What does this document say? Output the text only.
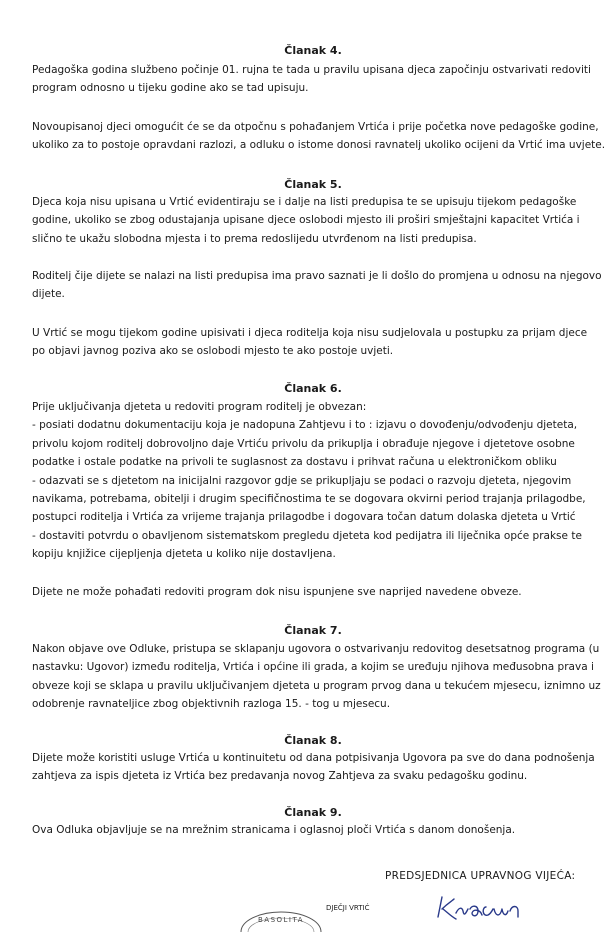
Članak 4.
Pedagoška godina službeno počinje 01. rujna te tada u pravilu upisana djeca započinju ostvarivati redoviti
program odnosno u tijeku godine ako se tad upisuju.
Novoupisanoj djeci omogućit će se da otpočnu s pohađanjem Vrtića i prije početka nove pedagoške godine,
ukoliko za to postoje opravdani razlozi, a odluku o istome donosi ravnatelj ukoliko ocijeni da Vrtić ima uvjete.
Članak 5.
Djeca koja nisu upisana u Vrtić evidentiraju se i dalje na listi predupisa te se upisuju tijekom pedagoške
godine, ukoliko se zbog odustajanja upisane djece oslobodi mjesto ili proširi smještajni kapacitet Vrtića i
slično te ukažu slobodna mjesta i to prema redoslijedu utvrđenom na listi predupisa.
Roditelj čije dijete se nalazi na listi predupisa ima pravo saznati je li došlo do promjena u odnosu na njegovo
dijete.
U Vrtić se mogu tijekom godine upisivati i djeca roditelja koja nisu sudjelovala u postupku za prijam djece
po objavi javnog poziva ako se oslobodi mjesto te ako postoje uvjeti.
Članak 6.
Prije uključivanja djeteta u redoviti program roditelj je obvezan:
- posiati dodatnu dokumentaciju koja je nadopuna Zahtjevu i to : izjavu o dovođenju/odvođenju djeteta,
privolu kojom roditelj dobrovoljno daje Vrtiću privolu da prikuplja i obrađuje njegove i djetetove osobne
podatke i ostale podatke na privoli te suglasnost za dostavu i prihvat računa u elektroničkom obliku
- odazvati se s djetetom na inicijalni razgovor gdje se prikupljaju se podaci o razvoju djeteta, njegovim
navikama, potrebama, obitelji i drugim specifičnostima te se dogovara okvirni period trajanja prilagodbe,
postupci roditelja i Vrtića za vrijeme trajanja prilagodbe i dogovara točan datum dolaska djeteta u Vrtić
- dostaviti potvrdu o obavljenom sistematskom pregledu djeteta kod pedijatra ili liječnika opće prakse te
kopiju knjižice cijepljenja djeteta u koliko nije dostavljena.
Dijete ne može pohađati redoviti program dok nisu ispunjene sve naprijed navedene obveze.
Članak 7.
Nakon objave ove Odluke, pristupa se sklapanju ugovora o ostvarivanju redovitog desetsatnog programa (u
nastavku: Ugovor) između roditelja, Vrtića i općine ili grada, a kojim se uređuju njihova međusobna prava i
obveze koji se sklapa u pravilu uključivanjem djeteta u program prvog dana u tekućem mjesecu, iznimno uz
odobrenje ravnateljice zbog objektivnih razloga 15. - tog u mjesecu.
Članak 8.
Dijete može koristiti usluge Vrtića u kontinuitetu od dana potpisivanja Ugovora pa sve do dana podnošenja
zahtjeva za ispis djeteta iz Vrtića bez predavanja novog Zahtjeva za svaku pedagošku godinu.
Članak 9.
Ova Odluka objavljuje se na mrežnim stranicama i oglasnoj ploči Vrtića s danom donošenja.
PREDSJEDNICA UPRAVNOG VIJEĆA:
BASOLITA
DJEČJI VRTIĆ
